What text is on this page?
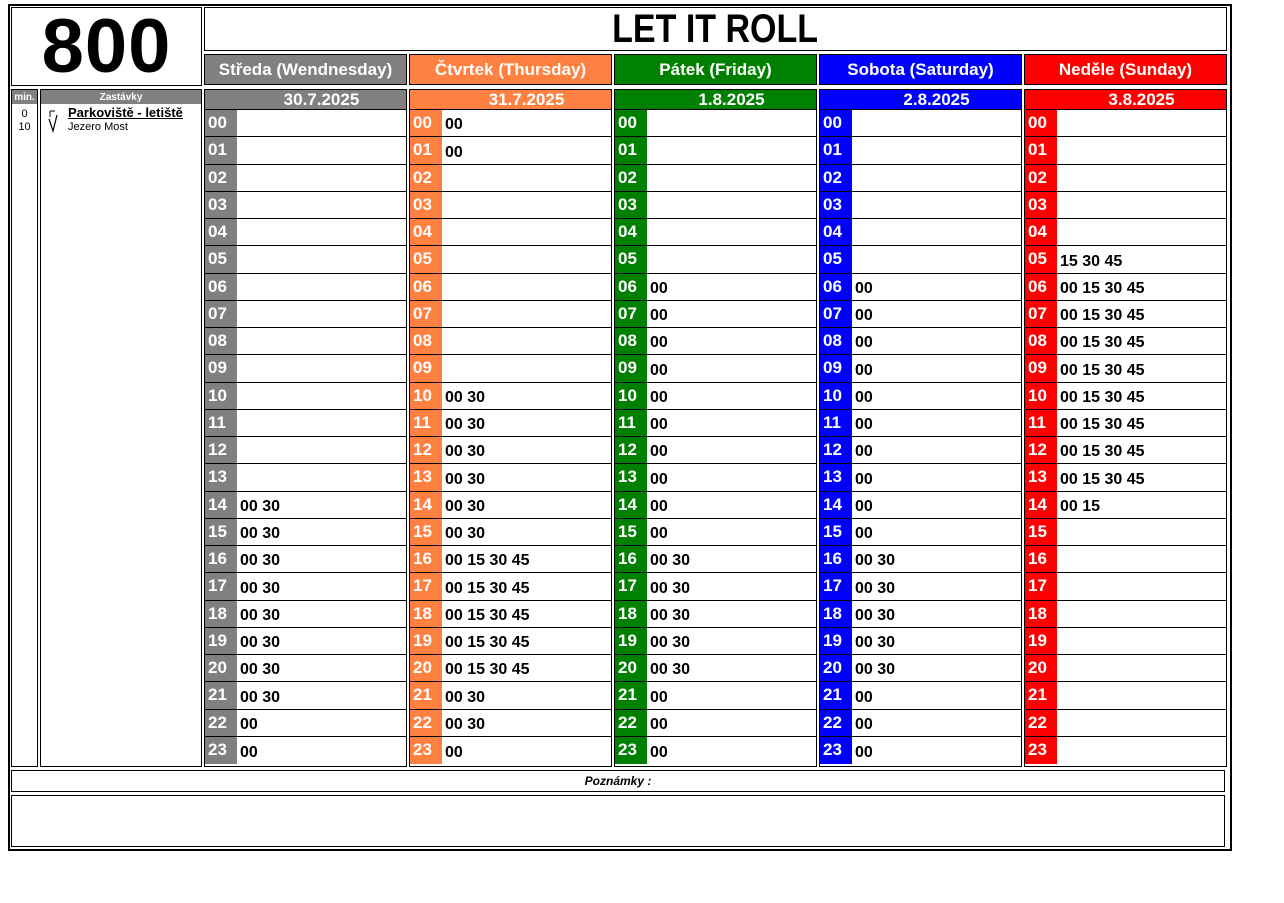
800	LET IT ROLL
Středa (Wendnesday)	Čtvrtek (Thursday)	Pátek (Friday)	Sobota (Saturday)	Neděle (Sunday)
min.
0
10
Zastávky
Parkoviště - letiště
Jezero Most
30.7.2025
00
01
02
03
04
05
06
07
08
09
10
11
12
13
14 00 30
15 00 30
16 00 30
17 00 30
18 00 30
19 00 30
20 00 30
21 00 30
22 00
23 00
31.7.2025
00 00
01 00
02
03
04
05
06
07
08
09
10 00 30
11 00 30
12 00 30
13 00 30
14 00 30
15 00 30
16 00 15 30 45
17 00 15 30 45
18 00 15 30 45
19 00 15 30 45
20 00 15 30 45
21 00 30
22 00 30
23 00
1.8.2025
00
01
02
03
04
05
06 00
07 00
08 00
09 00
10 00
11 00
12 00
13 00
14 00
15 00
16 00 30
17 00 30
18 00 30
19 00 30
20 00 30
21 00
22 00
23 00
2.8.2025
00
01
02
03
04
05
06 00
07 00
08 00
09 00
10 00
11 00
12 00
13 00
14 00
15 00
16 00 30
17 00 30
18 00 30
19 00 30
20 00 30
21 00
22 00
23 00
3.8.2025
00
01
02
03
04
05 15 30 45
06 00 15 30 45
07 00 15 30 45
08 00 15 30 45
09 00 15 30 45
10 00 15 30 45
11 00 15 30 45
12 00 15 30 45
13 00 15 30 45
14 00 15
15
16
17
18
19
20
21
22
23
Poznámky :
